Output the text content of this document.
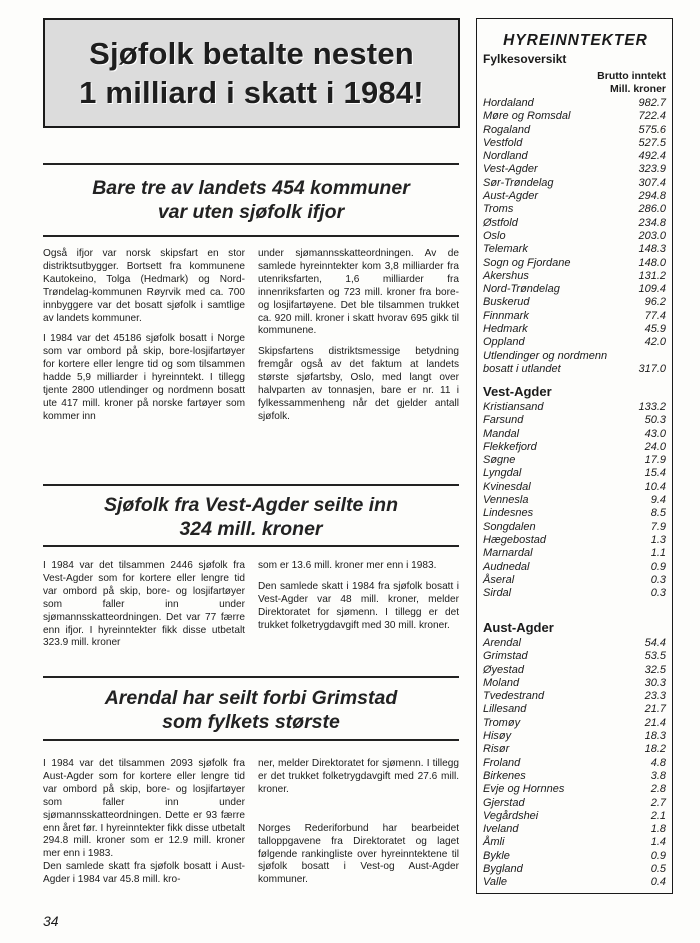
Sjøfolk betalte nesten
1 milliard i skatt i 1984!
Bare tre av landets 454 kommuner
var uten sjøfolk ifjor

Også ifjor var norsk skipsfart en stor distriktsutbygger. Bortsett fra kommunene Kautokeino, Tolga (Hedmark) og Nord-Trøndelag-kommunen Røyrvik med ca. 700 innbyggere var det bosatt sjøfolk i samtlige av landets kommuner.

I 1984 var det 45186 sjøfolk bosatt i Norge som var ombord på skip, bore-losjifartøyer for kortere eller lengre tid og som tilsammen hadde 5,9 milliarder i hyreinntekt. I tillegg tjente 2800 utlendinger og nordmenn bosatt ute 417 mill. kroner på norske fartøyer som kommer inn

under sjømannsskatteordningen. Av de samlede hyreinntekter kom 3,8 milliarder fra utenriksfarten, 1,6 milliarder fra innenriksfarten og 723 mill. kroner fra bore- og losjifartøyene. Det ble tilsammen trukket ca. 920 mill. kroner i skatt hvorav 695 gikk til kommunene.

Skipsfartens distriktsmessige betydning fremgår også av det faktum at landets største sjøfartsby, Oslo, med langt over halvparten av tonnasjen, bare er nr. 11 i fylkessammenheng når det gjelder antall sjøfolk.

Sjøfolk fra Vest-Agder seilte inn
324 mill. kroner

I 1984 var det tilsammen 2446 sjøfolk fra Vest-Agder som for kortere eller lengre tid var ombord på skip, bore- og losjifartøyer som faller inn under sjømannsskatteordningen. Det var 77 færre enn ifjor. I hyreinntekter fikk disse utbetalt 323.9 mill. kroner

som er 13.6 mill. kroner mer enn i 1983.

Den samlede skatt i 1984 fra sjøfolk bosatt i Vest-Agder var 48 mill. kroner, melder Direktoratet for sjømenn. I tillegg er det trukket folketrygdavgift med 30 mill. kroner.

Arendal har seilt forbi Grimstad
som fylkets største

I 1984 var det tilsammen 2093 sjøfolk fra Aust-Agder som for kortere eller lengre tid var ombord på skip, bore- og losjifartøyer som faller inn under sjømannsskatteordningen. Dette er 93 færre enn året før. I hyreinntekter fikk disse utbetalt 294.8 mill. kroner som er 12.9 mill. kroner mer enn i 1983.

Den samlede skatt fra sjøfolk bosatt i Aust-Agder i 1984 var 45.8 mill. kro-

ner, melder Direktoratet for sjømenn. I tillegg er det trukket folketrygdavgift med 27.6 mill. kroner.

Norges Rederiforbund har bearbeidet talloppgavene fra Direktoratet og laget følgende rankingliste over hyreinntektene til sjøfolk bosatt i Vest-og Aust-Agder kommuner.

HYREINNTEKTER
Fylkesoversikt
Brutto inntekt
Mill. kroner
Hordaland	982.7
Møre og Romsdal	722.4
Rogaland	575.6
Vestfold	527.5
Nordland	492.4
Vest-Agder	323.9
Sør-Trøndelag	307.4
Aust-Agder	294.8
Troms	286.0
Østfold	234.8
Oslo	203.0
Telemark	148.3
Sogn og Fjordane	148.0
Akershus	131.2
Nord-Trøndelag	109.4
Buskerud	96.2
Finnmark	77.4
Hedmark	45.9
Oppland	42.0
Utlendinger og nordmenn
bosatt i utlandet	317.0
Vest-Agder
Kristiansand	133.2
Farsund	50.3
Mandal	43.0
Flekkefjord	24.0
Søgne	17.9
Lyngdal	15.4
Kvinesdal	10.4
Vennesla	9.4
Lindesnes	8.5
Songdalen	7.9
Hægebostad	1.3
Marnardal	1.1
Audnedal	0.9
Åseral	0.3
Sirdal	0.3
Aust-Agder
Arendal	54.4
Grimstad	53.5
Øyestad	32.5
Moland	30.3
Tvedestrand	23.3
Lillesand	21.7
Tromøy	21.4
Hisøy	18.3
Risør	18.2
Froland	4.8
Birkenes	3.8
Evje og Hornnes	2.8
Gjerstad	2.7
Vegårdshei	2.1
Iveland	1.8
Åmli	1.4
Bykle	0.9
Bygland	0.5
Valle	0.4
34
